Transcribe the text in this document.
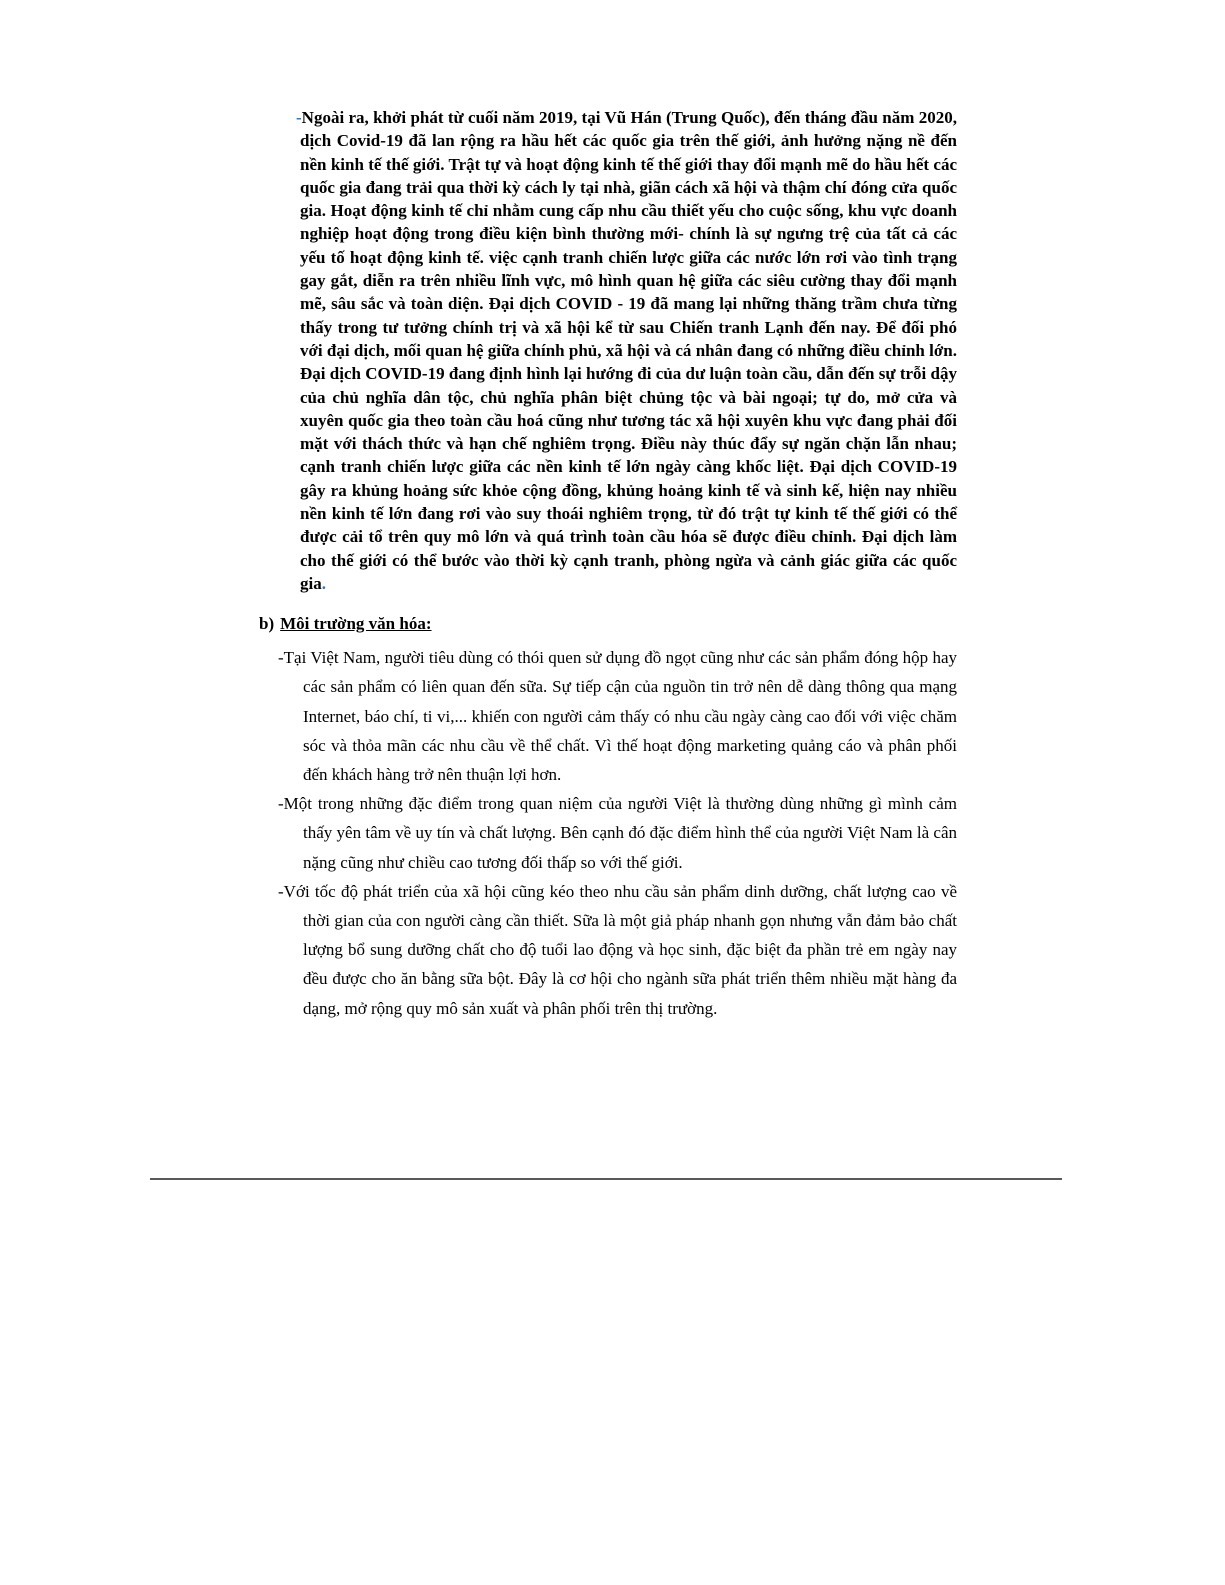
-Ngoài ra, khởi phát từ cuối năm 2019, tại Vũ Hán (Trung Quốc), đến tháng đầu năm 2020, dịch Covid-19 đã lan rộng ra hầu hết các quốc gia trên thế giới, ảnh hưởng nặng nề đến nền kinh tế thế giới. Trật tự và hoạt động kinh tế thế giới thay đổi mạnh mẽ do hầu hết các quốc gia đang trải qua thời kỳ cách ly tại nhà, giãn cách xã hội và thậm chí đóng cửa quốc gia. Hoạt động kinh tế chỉ nhằm cung cấp nhu cầu thiết yếu cho cuộc sống, khu vực doanh nghiệp hoạt động trong điều kiện bình thường mới- chính là sự ngưng trệ của tất cả các yếu tố hoạt động kinh tế. việc cạnh tranh chiến lược giữa các nước lớn rơi vào tình trạng gay gắt, diễn ra trên nhiều lĩnh vực, mô hình quan hệ giữa các siêu cường thay đổi mạnh mẽ, sâu sắc và toàn diện. Đại dịch COVID - 19 đã mang lại những thăng trầm chưa từng thấy trong tư tưởng chính trị và xã hội kể từ sau Chiến tranh Lạnh đến nay. Để đối phó với đại dịch, mối quan hệ giữa chính phủ, xã hội và cá nhân đang có những điều chỉnh lớn. Đại dịch COVID-19 đang định hình lại hướng đi của dư luận toàn cầu, dẫn đến sự trỗi dậy của chủ nghĩa dân tộc, chủ nghĩa phân biệt chủng tộc và bài ngoại; tự do, mở cửa và xuyên quốc gia theo toàn cầu hoá cũng như tương tác xã hội xuyên khu vực đang phải đối mặt với thách thức và hạn chế nghiêm trọng. Điều này thúc đẩy sự ngăn chặn lẫn nhau; cạnh tranh chiến lược giữa các nền kinh tế lớn ngày càng khốc liệt. Đại dịch COVID-19 gây ra khủng hoảng sức khỏe cộng đồng, khủng hoảng kinh tế và sinh kế, hiện nay nhiều nền kinh tế lớn đang rơi vào suy thoái nghiêm trọng, từ đó trật tự kinh tế thế giới có thể được cải tổ trên quy mô lớn và quá trình toàn cầu hóa sẽ được điều chỉnh. Đại dịch làm cho thế giới có thể bước vào thời kỳ cạnh tranh, phòng ngừa và cảnh giác giữa các quốc gia.
b) Môi trường văn hóa:
-Tại Việt Nam, người tiêu dùng có thói quen sử dụng đồ ngọt cũng như các sản phẩm đóng hộp hay các sản phẩm có liên quan đến sữa. Sự tiếp cận của nguồn tin trở nên dễ dàng thông qua mạng Internet, báo chí, ti vi,... khiến con người cảm thấy có nhu cầu ngày càng cao đối với việc chăm sóc và thỏa mãn các nhu cầu về thể chất. Vì thế hoạt động marketing quảng cáo và phân phối đến khách hàng trở nên thuận lợi hơn.
-Một trong những đặc điểm trong quan niệm của người Việt là thường dùng những gì mình cảm thấy yên tâm về uy tín và chất lượng. Bên cạnh đó đặc điểm hình thể của người Việt Nam là cân nặng cũng như chiều cao tương đối thấp so với thế giới.
-Với tốc độ phát triển của xã hội cũng kéo theo nhu cầu sản phẩm dinh dưỡng, chất lượng cao về thời gian của con người càng cần thiết. Sữa là một giả pháp nhanh gọn nhưng vẫn đảm bảo chất lượng bổ sung dưỡng chất cho độ tuổi lao động và học sinh, đặc biệt đa phần trẻ em ngày nay đều được cho ăn bằng sữa bột. Đây là cơ hội cho ngành sữa phát triển thêm nhiều mặt hàng đa dạng, mở rộng quy mô sản xuất và phân phối trên thị trường.
